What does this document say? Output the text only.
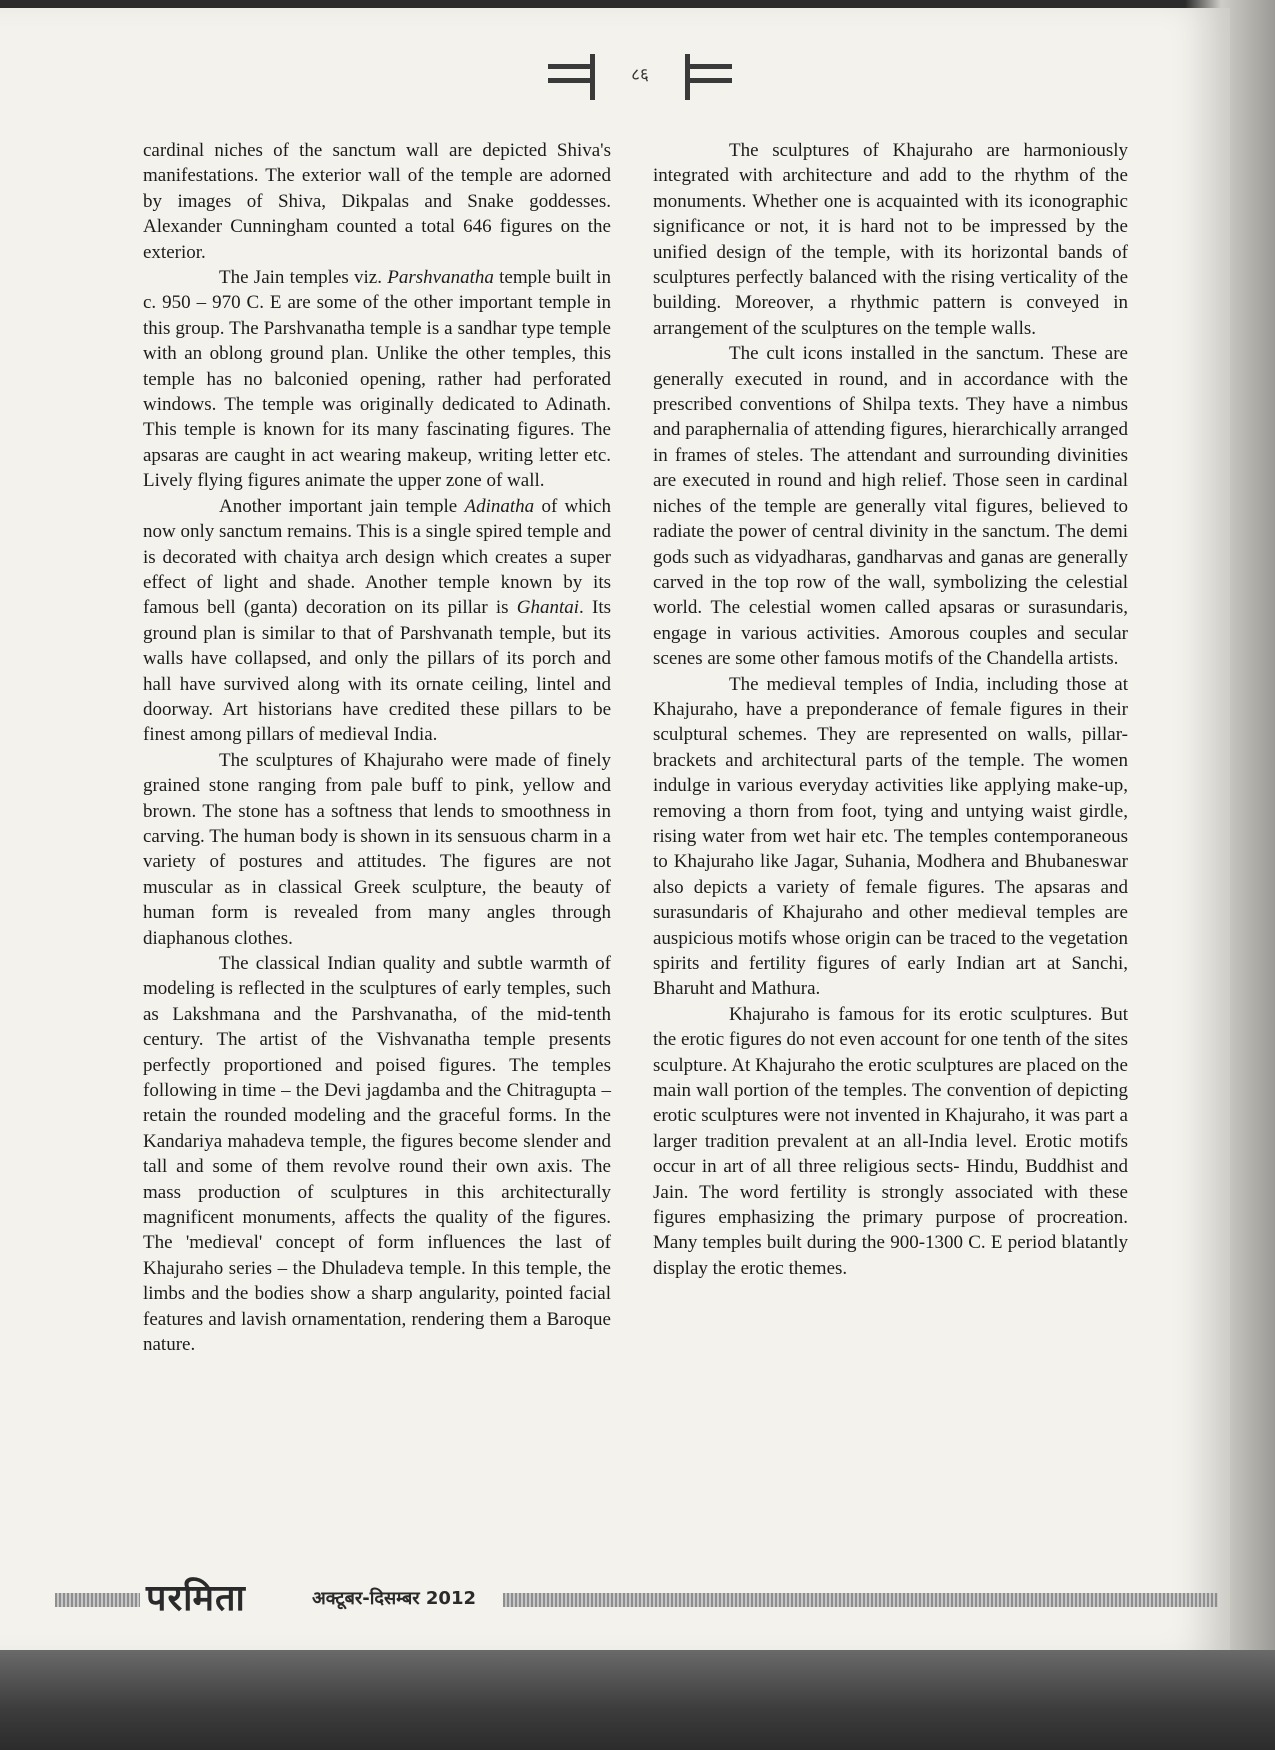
८६

cardinal niches of the sanctum wall are depicted Shiva's manifestations. The exterior wall of the temple are adorned by images of Shiva, Dikpalas and Snake goddesses. Alexander Cunningham counted a total 646 figures on the exterior.

The Jain temples viz. Parshvanatha temple built in c. 950 – 970 C. E are some of the other important temple in this group. The Parshvanatha temple is a sandhar type temple with an oblong ground plan. Unlike the other temples, this temple has no balconied opening, rather had perforated windows. The temple was originally dedicated to Adinath. This temple is known for its many fascinating figures. The apsaras are caught in act wearing makeup, writing letter etc. Lively flying figures animate the upper zone of wall.

Another important jain temple Adinatha of which now only sanctum remains. This is a single spired temple and is decorated with chaitya arch design which creates a super effect of light and shade. Another temple known by its famous bell (ganta) decoration on its pillar is Ghantai. Its ground plan is similar to that of Parshvanath temple, but its walls have collapsed, and only the pillars of its porch and hall have survived along with its ornate ceiling, lintel and doorway. Art historians have credited these pillars to be finest among pillars of medieval India.

The sculptures of Khajuraho were made of finely grained stone ranging from pale buff to pink, yellow and brown. The stone has a softness that lends to smoothness in carving. The human body is shown in its sensuous charm in a variety of postures and attitudes. The figures are not muscular as in classical Greek sculpture, the beauty of human form is revealed from many angles through diaphanous clothes.

The classical Indian quality and subtle warmth of modeling is reflected in the sculptures of early temples, such as Lakshmana and the Parshvanatha, of the mid-tenth century. The artist of the Vishvanatha temple presents perfectly proportioned and poised figures. The temples following in time – the Devi jagdamba and the Chitragupta – retain the rounded modeling and the graceful forms. In the Kandariya mahadeva temple, the figures become slender and tall and some of them revolve round their own axis. The mass production of sculptures in this architecturally magnificent monuments, affects the quality of the figures. The 'medieval' concept of form influences the last of Khajuraho series – the Dhuladeva temple. In this temple, the limbs and the bodies show a sharp angularity, pointed facial features and lavish ornamentation, rendering them a Baroque nature.

The sculptures of Khajuraho are harmoniously integrated with architecture and add to the rhythm of the monuments. Whether one is acquainted with its iconographic significance or not, it is hard not to be impressed by the unified design of the temple, with its horizontal bands of sculptures perfectly balanced with the rising verticality of the building. Moreover, a rhythmic pattern is conveyed in arrangement of the sculptures on the temple walls.

The cult icons installed in the sanctum. These are generally executed in round, and in accordance with the prescribed conventions of Shilpa texts. They have a nimbus and paraphernalia of attending figures, hierarchically arranged in frames of steles. The attendant and surrounding divinities are executed in round and high relief. Those seen in cardinal niches of the temple are generally vital figures, believed to radiate the power of central divinity in the sanctum. The demi gods such as vidyadharas, gandharvas and ganas are generally carved in the top row of the wall, symbolizing the celestial world. The celestial women called apsaras or surasundaris, engage in various activities. Amorous couples and secular scenes are some other famous motifs of the Chandella artists.

The medieval temples of India, including those at Khajuraho, have a preponderance of female figures in their sculptural schemes. They are represented on walls, pillar-brackets and architectural parts of the temple. The women indulge in various everyday activities like applying make-up, removing a thorn from foot, tying and untying waist girdle, rising water from wet hair etc. The temples contemporaneous to Khajuraho like Jagar, Suhania, Modhera and Bhubaneswar also depicts a variety of female figures. The apsaras and surasundaris of Khajuraho and other medieval temples are auspicious motifs whose origin can be traced to the vegetation spirits and fertility figures of early Indian art at Sanchi, Bharuht and Mathura.

Khajuraho is famous for its erotic sculptures. But the erotic figures do not even account for one tenth of the sites sculpture. At Khajuraho the erotic sculptures are placed on the main wall portion of the temples. The convention of depicting erotic sculptures were not invented in Khajuraho, it was part a larger tradition prevalent at an all-India level. Erotic motifs occur in art of all three religious sects- Hindu, Buddhist and Jain. The word fertility is strongly associated with these figures emphasizing the primary purpose of procreation. Many temples built during the 900-1300 C. E period blatantly display the erotic themes.

परमिता	अक्टूबर-दिसम्बर 2012
